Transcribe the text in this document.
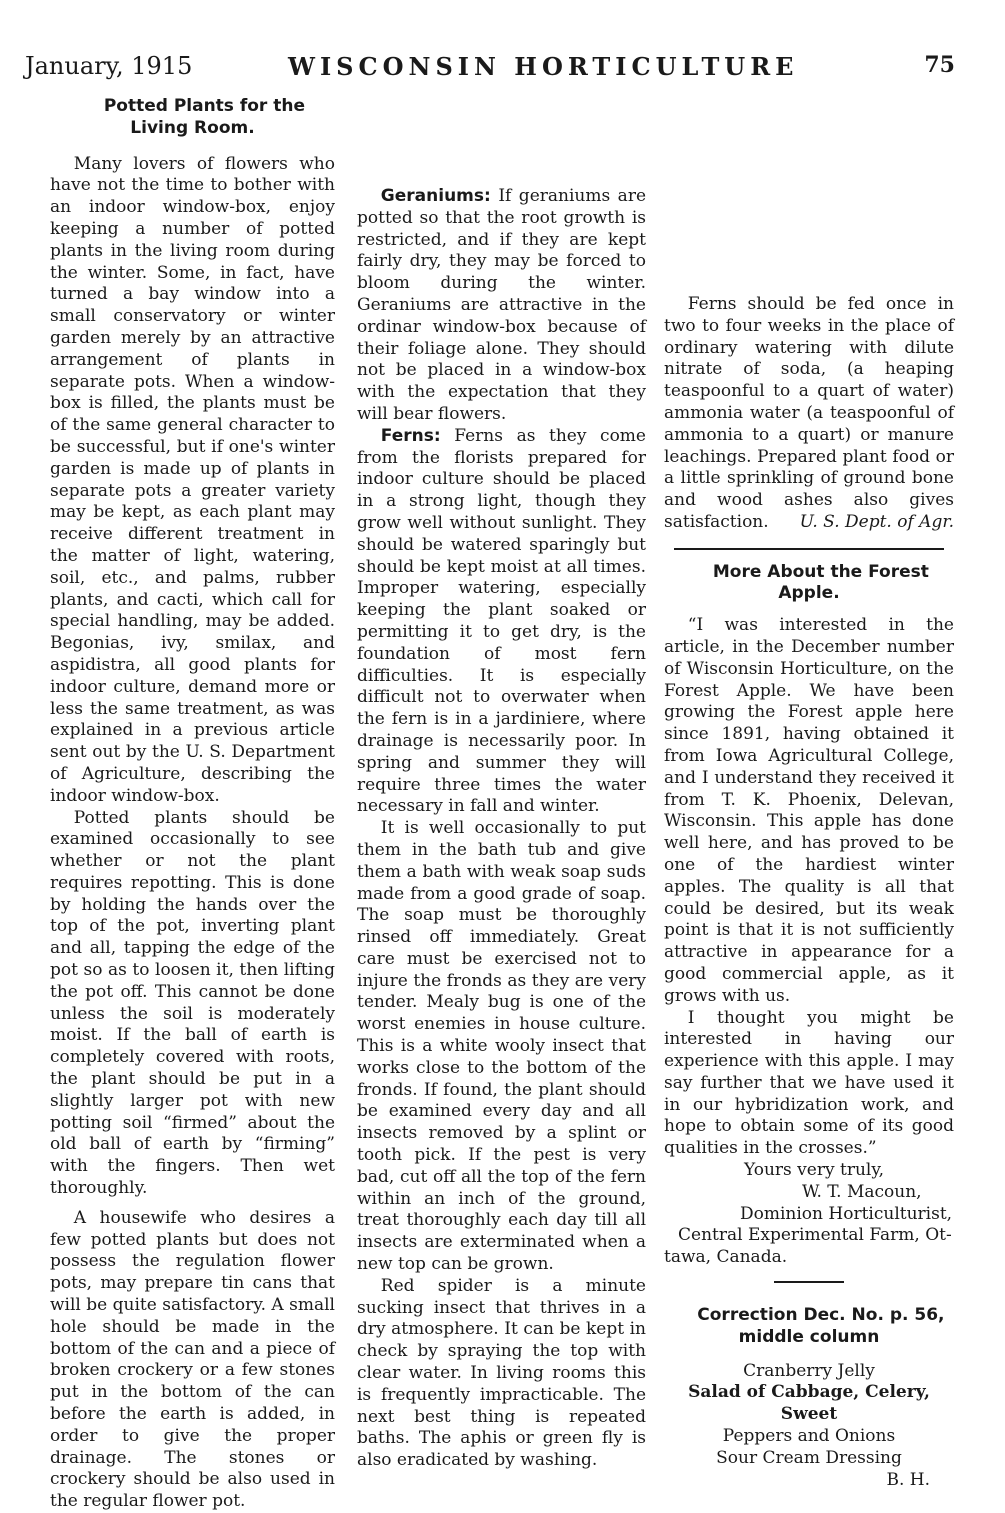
January, 1915	WISCONSIN HORTICULTURE	75

Potted Plants for the Living Room.

Many lovers of flowers who have not the time to bother with an indoor window-box, enjoy keeping a number of potted plants in the living room during the winter. Some, in fact, have turned a bay window into a small conservatory or winter garden merely by an attractive arrangement of plants in separate pots. When a window-box is filled, the plants must be of the same general character to be successful, but if one's winter garden is made up of plants in separate pots a greater variety may be kept, as each plant may receive different treatment in the matter of light, watering, soil, etc., and palms, rubber plants, and cacti, which call for special handling, may be added. Begonias, ivy, smilax, and aspidistra, all good plants for indoor culture, demand more or less the same treatment, as was explained in a previous article sent out by the U. S. Department of Agriculture, describing the indoor window-box.

Potted plants should be examined occasionally to see whether or not the plant requires repotting. This is done by holding the hands over the top of the pot, inverting plant and all, tapping the edge of the pot so as to loosen it, then lifting the pot off. This cannot be done unless the soil is moderately moist. If the ball of earth is completely covered with roots, the plant should be put in a slightly larger pot with new potting soil “firmed” about the old ball of earth by “firming” with the fingers. Then wet thoroughly.

A housewife who desires a few potted plants but does not possess the regulation flower pots, may prepare tin cans that will be quite satisfactory. A small hole should be made in the bottom of the can and a piece of broken crockery or a few stones put in the bottom of the can before the earth is added, in order to give the proper drainage. The stones or crockery should be also used in the regular flower pot.

Geraniums: If geraniums are potted so that the root growth is restricted, and if they are kept fairly dry, they may be forced to bloom during the winter. Geraniums are attractive in the ordinar window-box because of their foliage alone. They should not be placed in a window-box with the expectation that they will bear flowers.

Ferns: Ferns as they come from the florists prepared for indoor culture should be placed in a strong light, though they grow well without sunlight. They should be watered sparingly but should be kept moist at all times. Improper watering, especially keeping the plant soaked or permitting it to get dry, is the foundation of most fern difficulties. It is especially difficult not to overwater when the fern is in a jardiniere, where drainage is necessarily poor. In spring and summer they will require three times the water necessary in fall and winter.

It is well occasionally to put them in the bath tub and give them a bath with weak soap suds made from a good grade of soap. The soap must be thoroughly rinsed off immediately. Great care must be exercised not to injure the fronds as they are very tender. Mealy bug is one of the worst enemies in house culture. This is a white wooly insect that works close to the bottom of the fronds. If found, the plant should be examined every day and all insects removed by a splint or tooth pick. If the pest is very bad, cut off all the top of the fern within an inch of the ground, treat thoroughly each day till all insects are exterminated when a new top can be grown.

Red spider is a minute sucking insect that thrives in a dry atmosphere. It can be kept in check by spraying the top with clear water. In living rooms this is frequently impracticable. The next best thing is repeated baths. The aphis or green fly is also eradicated by washing.

Ferns should be fed once in two to four weeks in the place of ordinary watering with dilute nitrate of soda, (a heaping teaspoonful to a quart of water) ammonia water (a teaspoonful of ammonia to a quart) or manure leachings. Prepared plant food or a little sprinkling of ground bone and wood ashes also gives satisfaction.	U. S. Dept. of Agr.

More About the Forest Apple.

“I was interested in the article, in the December number of Wisconsin Horticulture, on the Forest Apple. We have been growing the Forest apple here since 1891, having obtained it from Iowa Agricultural College, and I understand they received it from T. K. Phoenix, Delevan, Wisconsin. This apple has done well here, and has proved to be one of the hardiest winter apples. The quality is all that could be desired, but its weak point is that it is not sufficiently attractive in appearance for a good commercial apple, as it grows with us.

I thought you might be interested in having our experience with this apple. I may say further that we have used it in our hybridization work, and hope to obtain some of its good qualities in the crosses.”

Yours very truly,

W. T. Macoun,

Dominion Horticulturist,

Central Experimental Farm, Ot-

tawa, Canada.

Correction Dec. No. p. 56, middle column

Cranberry Jelly

Salad of Cabbage, Celery, Sweet

Peppers and Onions

Sour Cream Dressing

B. H.
